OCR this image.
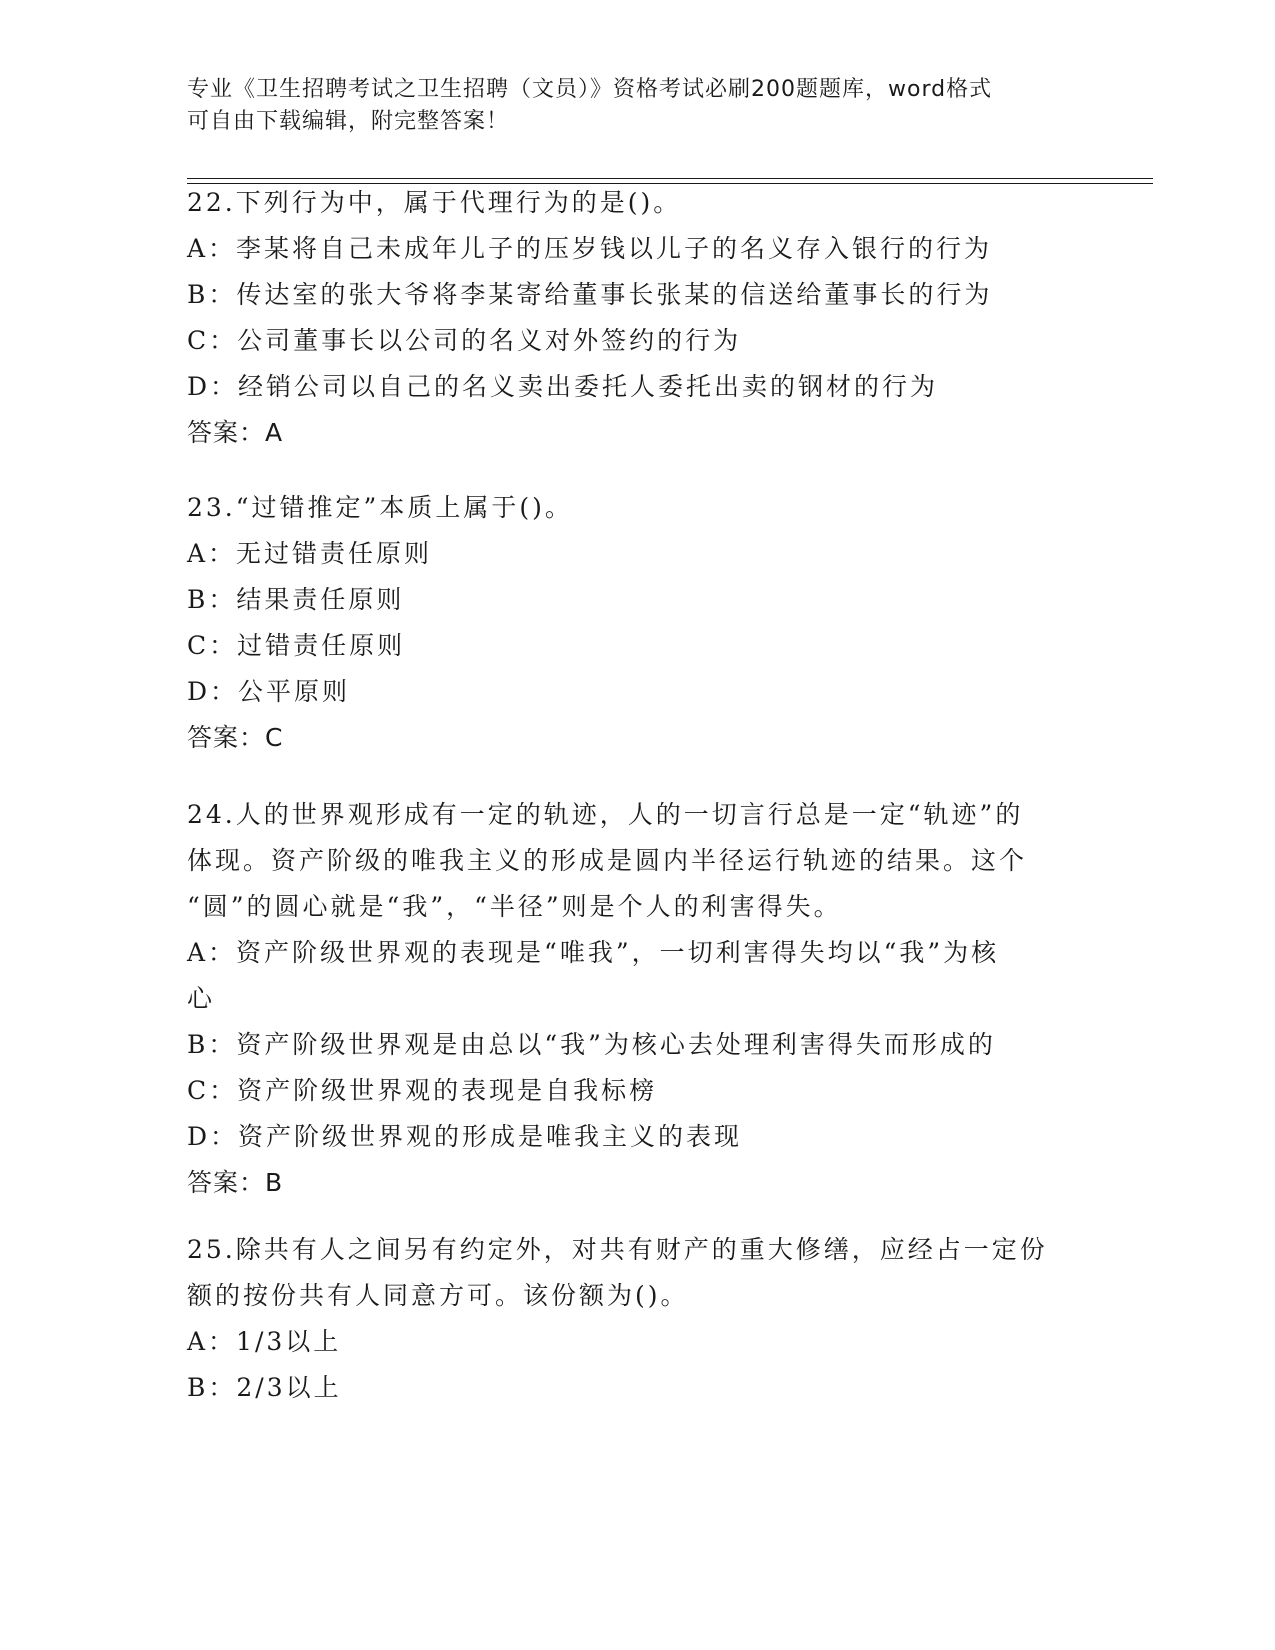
专业《卫生招聘考试之卫生招聘（文员）》资格考试必刷200题题库，word格式
可自由下载编辑，附完整答案！
22.下列行为中，属于代理行为的是()。
A：李某将自己未成年儿子的压岁钱以儿子的名义存入银行的行为
B：传达室的张大爷将李某寄给董事长张某的信送给董事长的行为
C：公司董事长以公司的名义对外签约的行为
D：经销公司以自己的名义卖出委托人委托出卖的钢材的行为
答案：A
23.“过错推定”本质上属于()。
A：无过错责任原则
B：结果责任原则
C：过错责任原则
D：公平原则
答案：C
24.人的世界观形成有一定的轨迹，人的一切言行总是一定“轨迹”的
体现。资产阶级的唯我主义的形成是圆内半径运行轨迹的结果。这个
“圆”的圆心就是“我”，“半径”则是个人的利害得失。
A：资产阶级世界观的表现是“唯我”，一切利害得失均以“我”为核
心
B：资产阶级世界观是由总以“我”为核心去处理利害得失而形成的
C：资产阶级世界观的表现是自我标榜
D：资产阶级世界观的形成是唯我主义的表现
答案：B
25.除共有人之间另有约定外，对共有财产的重大修缮，应经占一定份
额的按份共有人同意方可。该份额为()。
A：1/3以上
B：2/3以上
